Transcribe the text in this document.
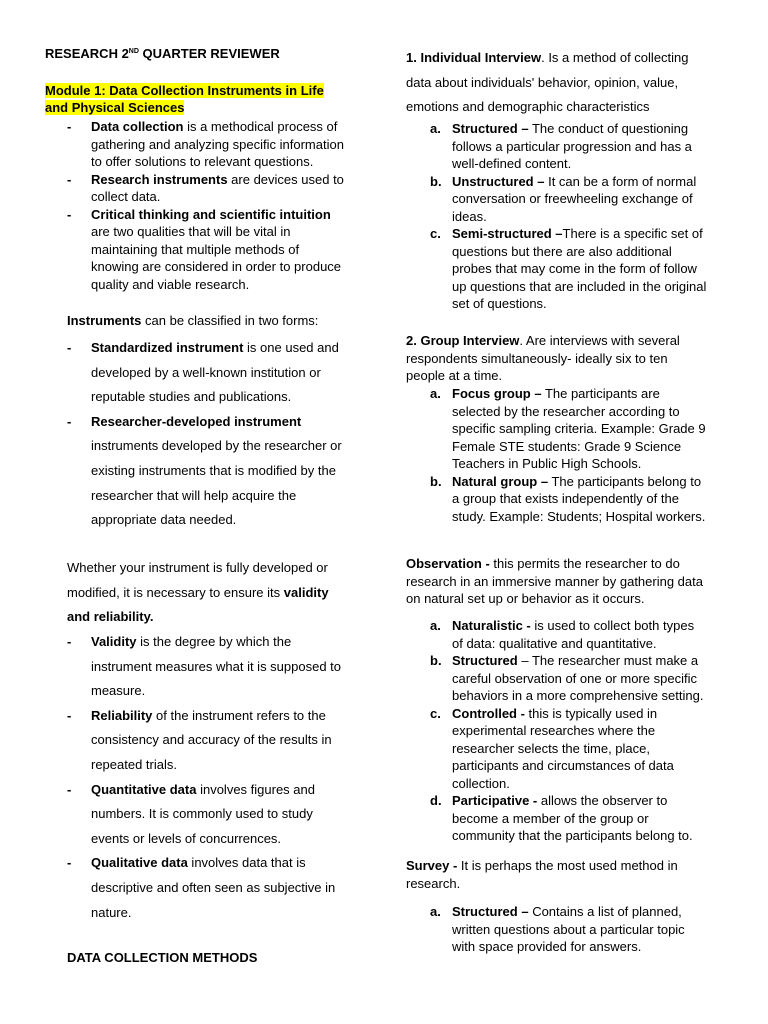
RESEARCH 2ND QUARTER REVIEWER
Module 1: Data Collection Instruments in Life
and Physical Sciences
-	Data collection is a methodical process of
gathering and analyzing specific information
to offer solutions to relevant questions.
-	Research instruments are devices used to
collect data.
-	Critical thinking and scientific intuition
are two qualities that will be vital in
maintaining that multiple methods of
knowing are considered in order to produce
quality and viable research.

Instruments can be classified in two forms:

-	Standardized instrument is one used and
developed by a well-known institution or
reputable studies and publications.
-	Researcher-developed instrument
instruments developed by the researcher or
existing instruments that is modified by the
researcher that will help acquire the
appropriate data needed.
Whether your instrument is fully developed or
modified, it is necessary to ensure its validity
and reliability.
-	Validity is the degree by which the
instrument measures what it is supposed to
measure.
-	Reliability of the instrument refers to the
consistency and accuracy of the results in
repeated trials.
-	Quantitative data involves figures and
numbers. It is commonly used to study
events or levels of concurrences.
-	Qualitative data involves data that is
descriptive and often seen as subjective in
nature.

DATA COLLECTION METHODS

1. Individual Interview. Is a method of collecting
data about individuals' behavior, opinion, value,
emotions and demographic characteristics
a. Structured – The conduct of questioning
follows a particular progression and has a
well-defined content.
b. Unstructured – It can be a form of normal
conversation or freewheeling exchange of
ideas.
c. Semi-structured –There is a specific set of
questions but there are also additional
probes that may come in the form of follow
up questions that are included in the original
set of questions.
2. Group Interview. Are interviews with several
respondents simultaneously- ideally six to ten
people at a time.
a. Focus group – The participants are
selected by the researcher according to
specific sampling criteria. Example: Grade 9
Female STE students: Grade 9 Science
Teachers in Public High Schools.
b. Natural group – The participants belong to
a group that exists independently of the
study. Example: Students; Hospital workers.
Observation - this permits the researcher to do
research in an immersive manner by gathering data
on natural set up or behavior as it occurs.
a. Naturalistic - is used to collect both types
of data: qualitative and quantitative.
b. Structured – The researcher must make a
careful observation of one or more specific
behaviors in a more comprehensive setting.
c. Controlled - this is typically used in
experimental researches where the
researcher selects the time, place,
participants and circumstances of data
collection.
d. Participative - allows the observer to
become a member of the group or
community that the participants belong to.
Survey - It is perhaps the most used method in
research.
a. Structured – Contains a list of planned,
written questions about a particular topic
with space provided for answers.
